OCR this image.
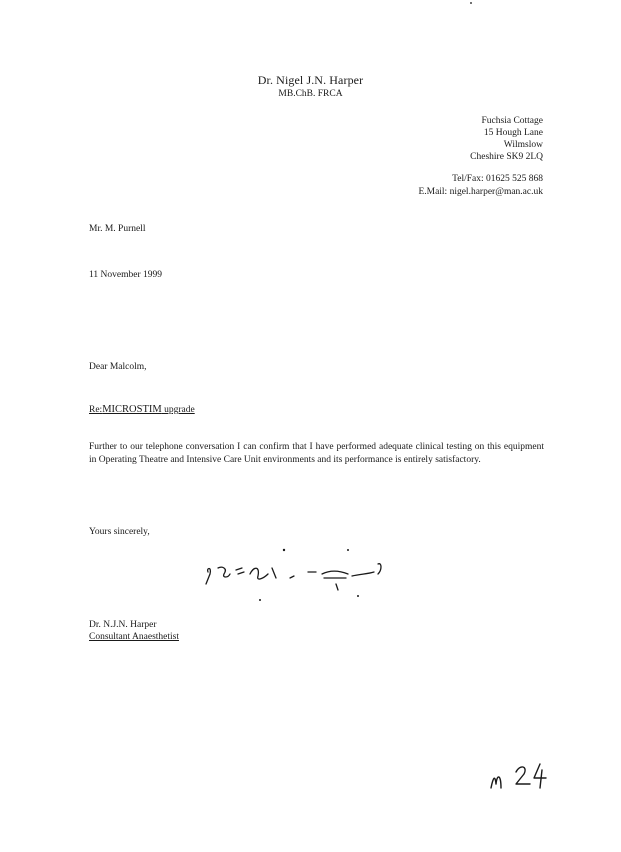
Dr. Nigel J.N. Harper
MB.ChB. FRCA
Fuchsia Cottage
15 Hough Lane
Wilmslow
Cheshire SK9 2LQ
Tel/Fax: 01625 525 868
E.Mail: nigel.harper@man.ac.uk
Mr. M. Purnell
11 November 1999
Dear Malcolm,
Re:MICROSTIM upgrade
Further to our telephone conversation I can confirm that I have performed adequate clinical testing on this equipment in Operating Theatre and Intensive Care Unit environments and its performance is entirely satisfactory.
Yours sincerely,
Dr. N.J.N. Harper
Consultant Anaesthetist
